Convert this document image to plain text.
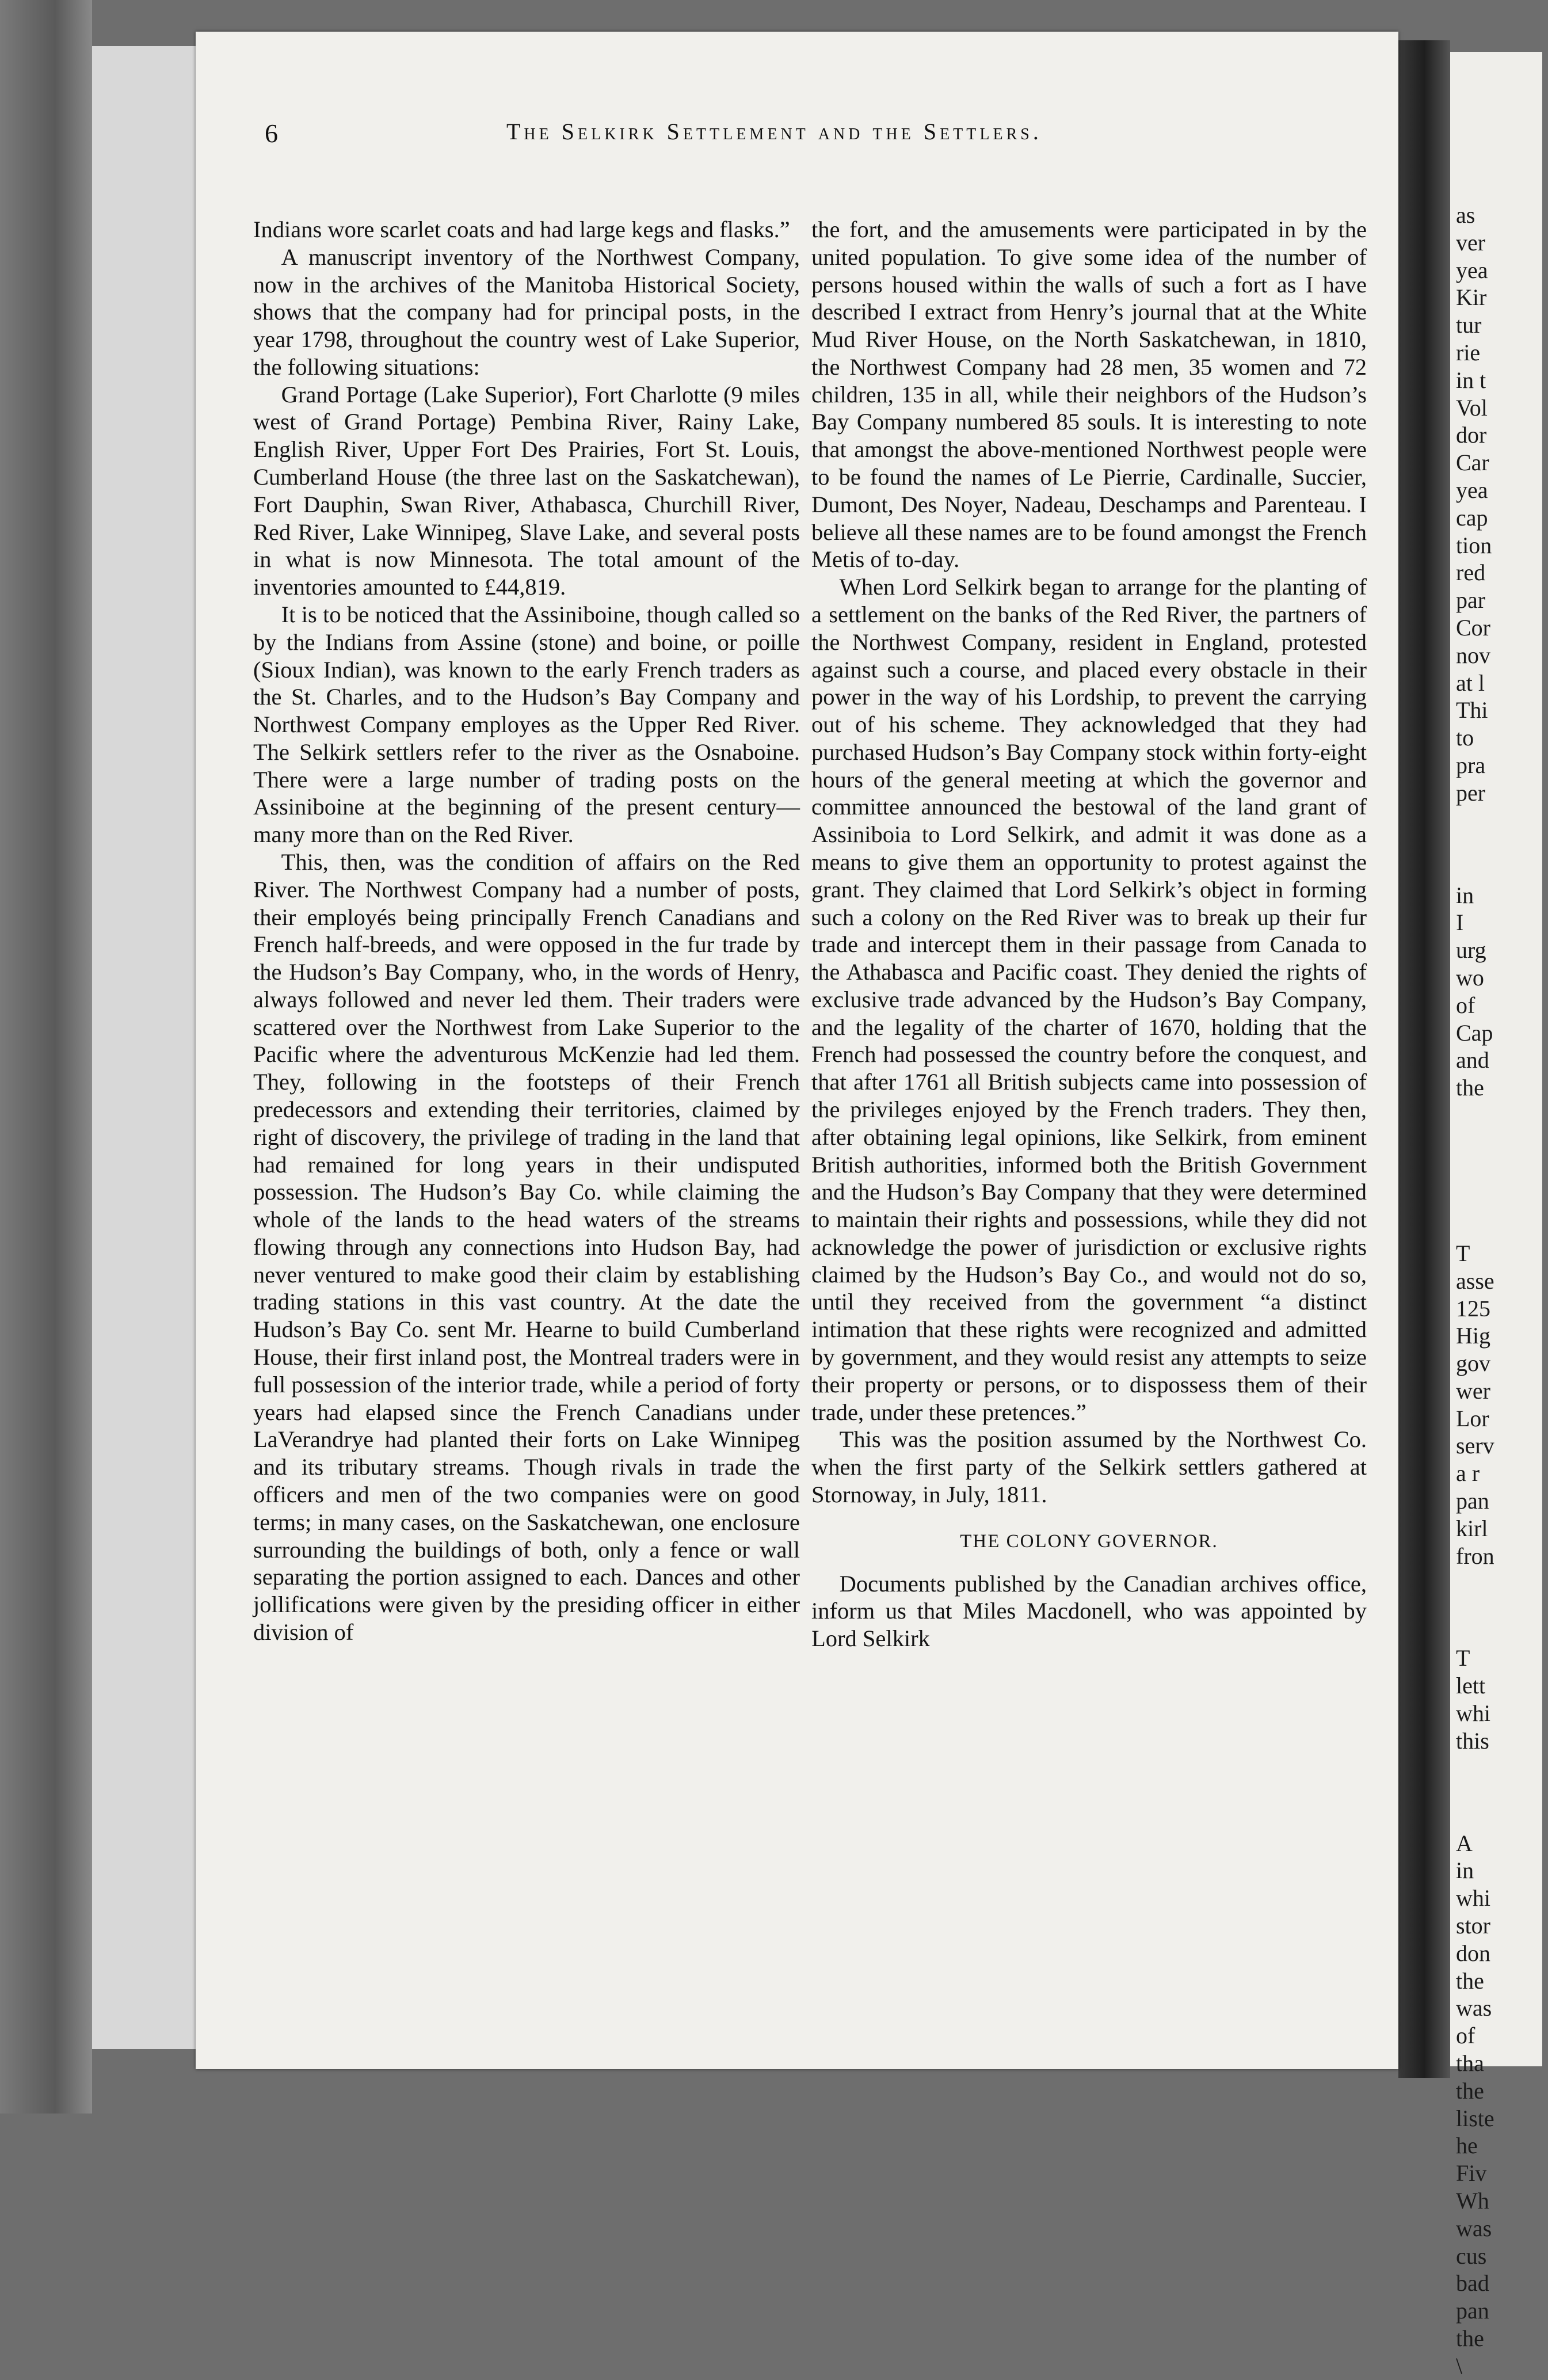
as
ver
yea
Kir
tur
rie
in t
Vol
dor
Car
yea
cap
tion
red
par
Cor
nov
at l
Thi
to
pra
per
in
I
urg
wo
of
Cap
and
the
T
asse
125
Hig
gov
wer
Lor
serv
a r
pan
kirl
fron
T
lett
whi
this
A
in
whi
stor
don
the
was
of
tha
the
liste
he
Fiv
Wh
was
cus
bad
pan
the
\
6	The Selkirk Settlement and the Settlers.

Indians wore scarlet coats and had large kegs and flasks.”

A manuscript inventory of the Northwest Company, now in the archives of the Manitoba Historical Society, shows that the company had for principal posts, in the year 1798, throughout the country west of Lake Superior, the following situations:

Grand Portage (Lake Superior), Fort Charlotte (9 miles west of Grand Portage) Pembina River, Rainy Lake, English River, Upper Fort Des Prairies, Fort St. Louis, Cumberland House (the three last on the Saskatchewan), Fort Dauphin, Swan River, Athabasca, Churchill River, Red River, Lake Winnipeg, Slave Lake, and several posts in what is now Minnesota. The total amount of the inventories amounted to £44,819.

It is to be noticed that the Assiniboine, though called so by the Indians from Assine (stone) and boine, or poille (Sioux Indian), was known to the early French traders as the St. Charles, and to the Hudson’s Bay Company and Northwest Company employes as the Upper Red River. The Selkirk settlers refer to the river as the Osnaboine. There were a large number of trading posts on the Assiniboine at the beginning of the present century—many more than on the Red River.

This, then, was the condition of affairs on the Red River. The Northwest Company had a number of posts, their employés being principally French Canadians and French half-breeds, and were opposed in the fur trade by the Hudson’s Bay Company, who, in the words of Henry, always followed and never led them. Their traders were scattered over the Northwest from Lake Superior to the Pacific where the adventurous McKenzie had led them. They, following in the footsteps of their French predecessors and extending their territories, claimed by right of discovery, the privilege of trading in the land that had remained for long years in their undisputed possession. The Hudson’s Bay Co. while claiming the whole of the lands to the head waters of the streams flowing through any connections into Hudson Bay, had never ventured to make good their claim by establishing trading stations in this vast country. At the date the Hudson’s Bay Co. sent Mr. Hearne to build Cumberland House, their first inland post, the Montreal traders were in full possession of the interior trade, while a period of forty years had elapsed since the French Canadians under LaVerandrye had planted their forts on Lake Winnipeg and its tributary streams. Though rivals in trade the officers and men of the two companies were on good terms; in many cases, on the Saskatchewan, one enclosure surrounding the buildings of both, only a fence or wall separating the portion assigned to each. Dances and other jollifications were given by the presiding officer in either division of

the fort, and the amusements were participated in by the united population. To give some idea of the number of persons housed within the walls of such a fort as I have described I extract from Henry’s journal that at the White Mud River House, on the North Saskatchewan, in 1810, the Northwest Company had 28 men, 35 women and 72 children, 135 in all, while their neighbors of the Hudson’s Bay Company numbered 85 souls. It is interesting to note that amongst the above-mentioned Northwest people were to be found the names of Le Pierrie, Cardinalle, Succier, Dumont, Des Noyer, Nadeau, Deschamps and Parenteau. I believe all these names are to be found amongst the French Metis of to-day.

When Lord Selkirk began to arrange for the planting of a settlement on the banks of the Red River, the partners of the Northwest Company, resident in England, protested against such a course, and placed every obstacle in their power in the way of his Lordship, to prevent the carrying out of his scheme. They acknowledged that they had purchased Hudson’s Bay Company stock within forty-eight hours of the general meeting at which the governor and committee announced the bestowal of the land grant of Assiniboia to Lord Selkirk, and admit it was done as a means to give them an opportunity to protest against the grant. They claimed that Lord Selkirk’s object in forming such a colony on the Red River was to break up their fur trade and intercept them in their passage from Canada to the Athabasca and Pacific coast. They denied the rights of exclusive trade advanced by the Hudson’s Bay Company, and the legality of the charter of 1670, holding that the French had possessed the country before the conquest, and that after 1761 all British subjects came into possession of the privileges enjoyed by the French traders. They then, after obtaining legal opinions, like Selkirk, from eminent British authorities, informed both the British Government and the Hudson’s Bay Company that they were determined to maintain their rights and possessions, while they did not acknowledge the power of jurisdiction or exclusive rights claimed by the Hudson’s Bay Co., and would not do so, until they received from the government “a distinct intimation that these rights were recognized and admitted by government, and they would resist any attempts to seize their property or persons, or to dispossess them of their trade, under these pretences.”

This was the position assumed by the Northwest Co. when the first party of the Selkirk settlers gathered at Stornoway, in July, 1811.

THE COLONY GOVERNOR.

Documents published by the Canadian archives office, inform us that Miles Macdonell, who was appointed by Lord Selkirk
